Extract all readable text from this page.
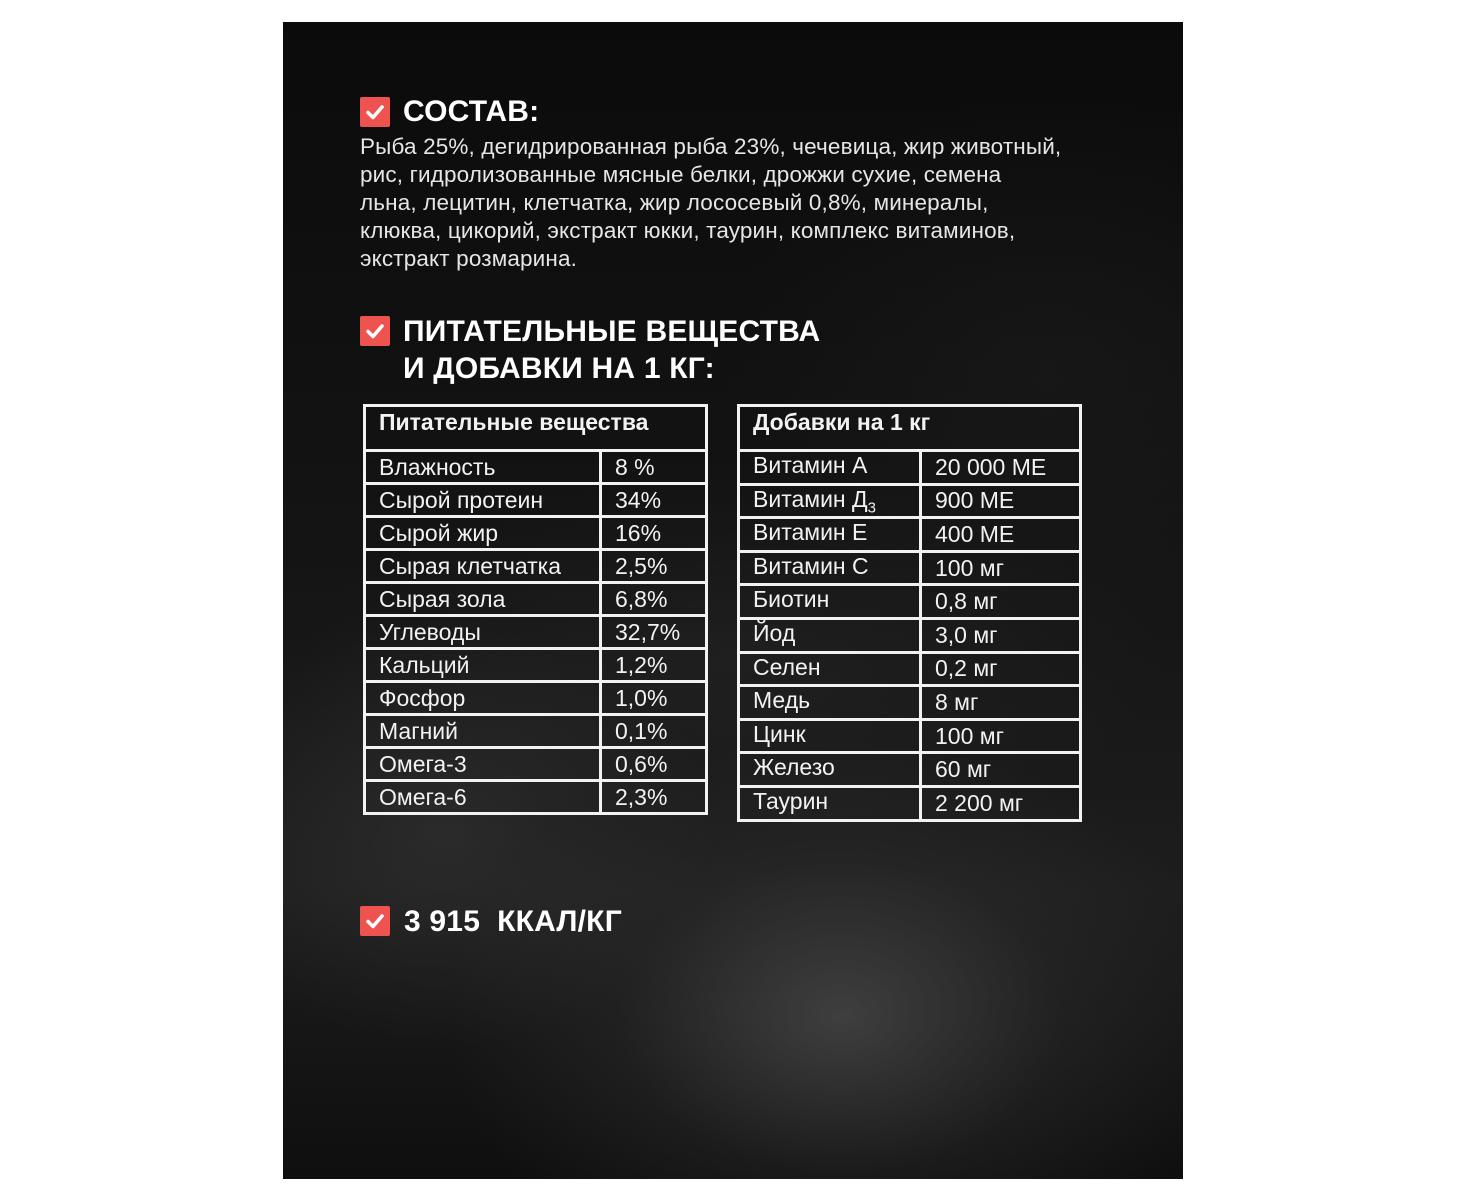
СОСТАВ:
Рыба 25%, дегидрированная рыба 23%, чечевица, жир животный,
рис, гидролизованные мясные белки, дрожжи сухие, семена
льна, лецитин, клетчатка, жир лососевый 0,8%, минералы,
клюква, цикорий, экстракт юкки, таурин, комплекс витаминов,
экстракт розмарина.
ПИТАТЕЛЬНЫЕ ВЕЩЕСТВА
И ДОБАВКИ НА 1 КГ:
Питательные вещества	
Влажность	8 %
Сырой протеин	34%
Сырой жир	16%
Сырая клетчатка	2,5%
Сырая зола	6,8%
Углеводы	32,7%
Кальций	1,2%
Фосфор	1,0%
Магний	0,1%
Омега-3	0,6%
Омега-6	2,3%
Добавки на 1 кг	
Витамин А	20 000 МЕ
Витамин $Д_3$	900 МЕ
Витамин Е	400 МЕ
Витамин С	100 мг
Биотин	0,8 мг
Йод	3,0 мг
Селен	0,2 мг
Медь	8 мг
Цинк	100 мг
Железо	60 мг
Таурин	2 200 мг
3 915  ККАЛ/КГ
